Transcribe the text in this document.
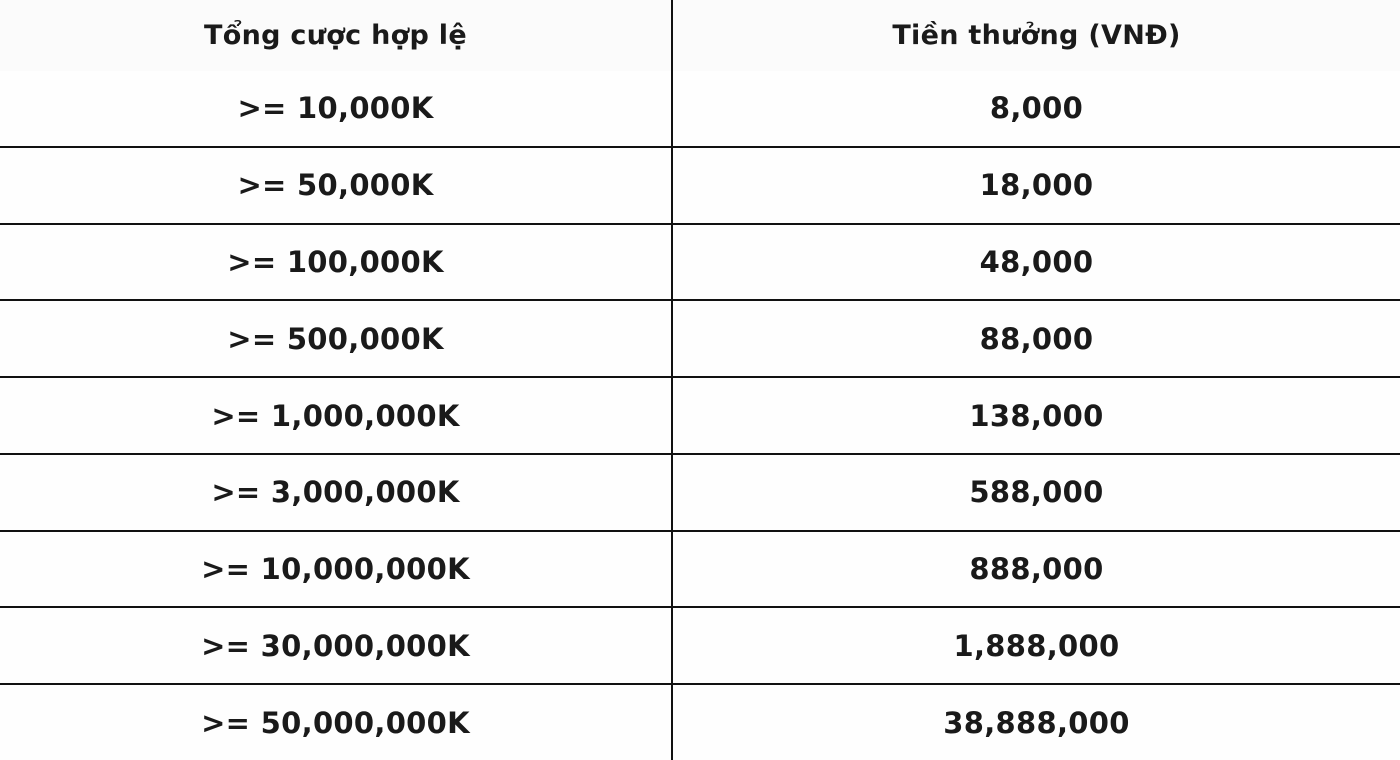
Tổng cược hợp lệ	Tiền thưởng (VNĐ)
>= 10,000K	8,000
>= 50,000K	18,000
>= 100,000K	48,000
>= 500,000K	88,000
>= 1,000,000K	138,000
>= 3,000,000K	588,000
>= 10,000,000K	888,000
>= 30,000,000K	1,888,000
>= 50,000,000K	38,888,000
